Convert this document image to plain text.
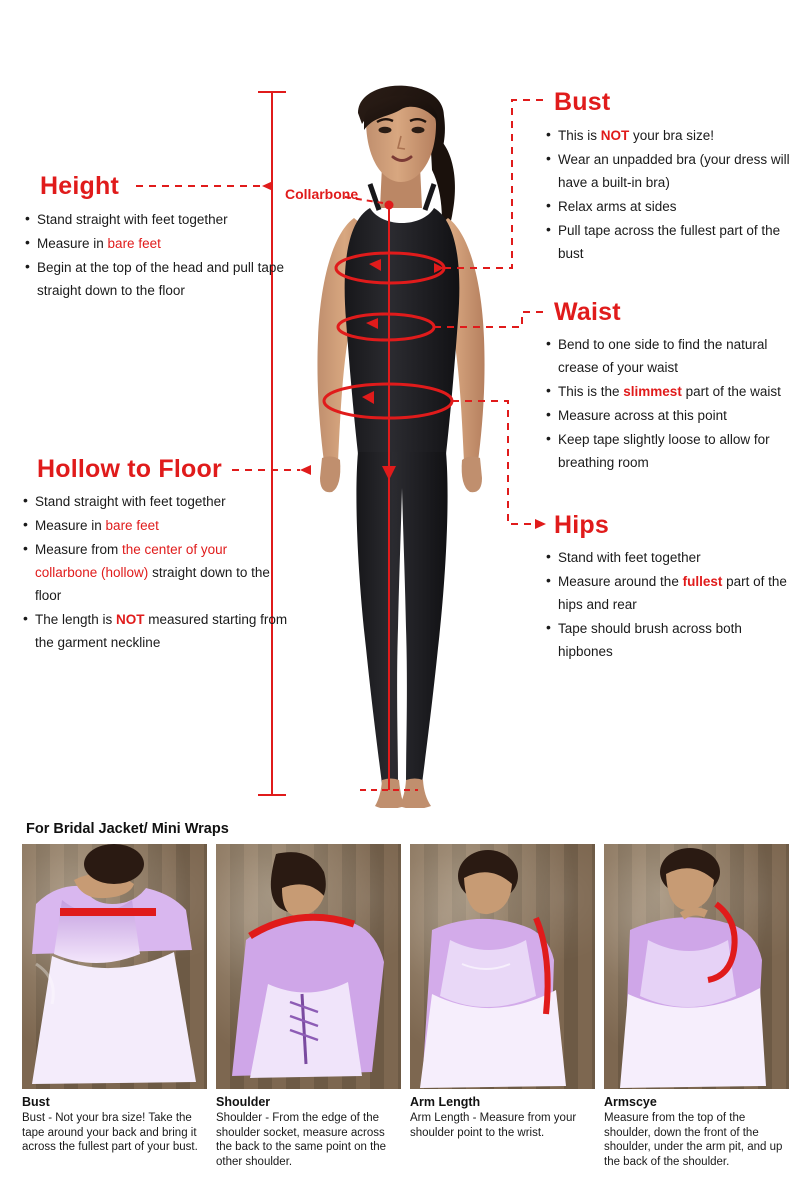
Collarbone
Height
Hollow to Floor
Bust
Waist
Hips
• Stand straight with feet together
• Measure in bare feet
• Begin at the top of the head and pull tape straight down to the floor
• Stand straight with feet together
• Measure in bare feet
• Measure from the center of your collarbone (hollow) straight down to the floor
• The length is NOT measured starting from the garment neckline
• This is NOT your bra size!
• Wear an unpadded bra (your dress will have a built-in bra)
• Relax arms at sides
• Pull tape across the fullest part of the bust
• Bend to one side to find the natural crease of your waist
• This is the slimmest part of the waist
• Measure across at this point
• Keep tape slightly loose to allow for breathing room
• Stand with feet together
• Measure around the fullest part of the hips and rear
• Tape should brush across both hipbones
For Bridal Jacket/ Mini Wraps
Bust
Bust - Not your bra size! Take the tape around your back and bring it across the fullest part of your bust.
Shoulder
Shoulder - From the edge of the shoulder socket, measure across the back to the same point on the other shoulder.
Arm Length
Arm Length - Measure from your shoulder point to the wrist.
Armscye
Measure from the top of the shoulder, down the front of the shoulder, under the arm pit, and up the back of the shoulder.
